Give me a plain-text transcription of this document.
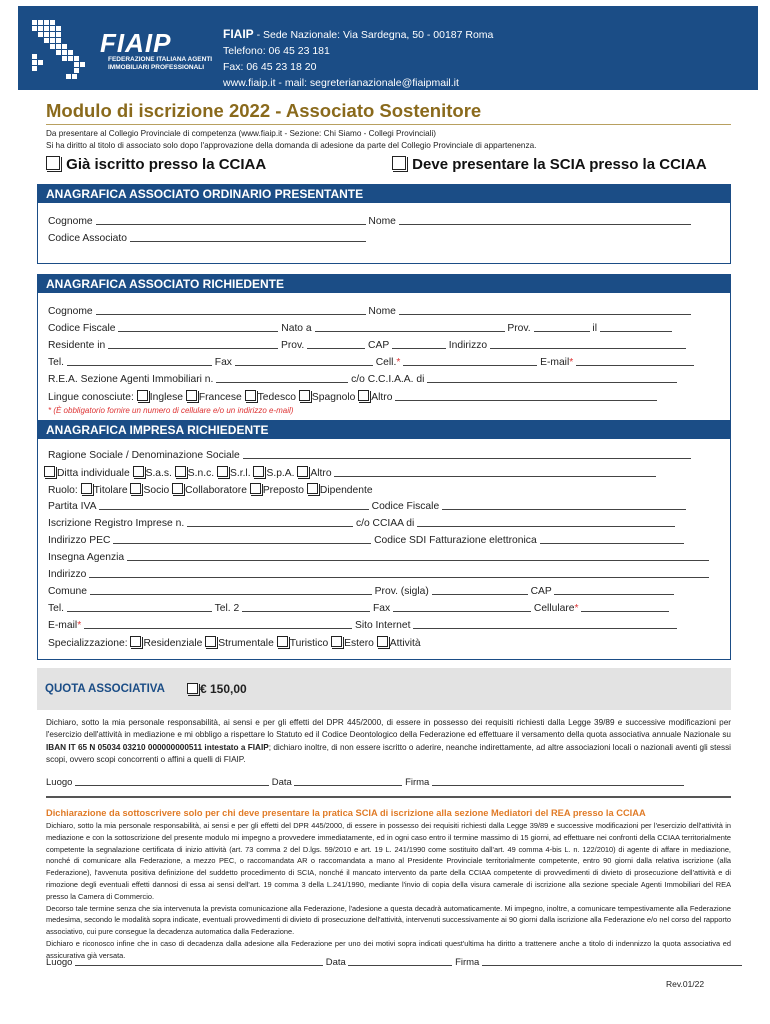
FIAIP
FEDERAZIONE ITALIANA AGENTI IMMOBILIARI PROFESSIONALI
FIAIP - Sede Nazionale: Via Sardegna, 50 - 00187 Roma
Telefono: 06 45 23 181
Fax: 06 45 23 18 20
www.fiaip.it - mail: segreterianazionale@fiaipmail.it
Modulo di iscrizione 2022 - Associato Sostenitore
Da presentare al Collegio Provinciale di competenza (www.fiaip.it - Sezione: Chi Siamo - Collegi Provinciali)
Si ha diritto al titolo di associato solo dopo l'approvazione della domanda di adesione da parte del Collegio Provinciale di appartenenza.
Già iscritto presso la CCIAA	Deve presentare la SCIA presso la CCIAA
ANAGRAFICA ASSOCIATO ORDINARIO PRESENTANTE
Cognome	Nome
Codice Associato
ANAGRAFICA ASSOCIATO RICHIEDENTE
Cognome	Nome
Codice Fiscale	Nato a	Prov.	il
Residente in	Prov.	CAP	Indirizzo
Tel.	Fax	Cell.*	E-mail*
R.E.A. Sezione Agenti Immobiliari n.	c/o C.C.I.A.A. di
Lingue conosciute: Inglese Francese Tedesco Spagnolo Altro
* (È obbligatorio fornire un numero di cellulare e/o un indirizzo e-mail)
ANAGRAFICA IMPRESA RICHIEDENTE
Ragione Sociale / Denominazione Sociale
Ditta individuale S.a.s. S.n.c. S.r.l. S.p.A. Altro
Ruolo: Titolare Socio Collaboratore Preposto Dipendente
Partita IVA	Codice Fiscale
Iscrizione Registro Imprese n.	c/o CCIAA di
Indirizzo PEC	Codice SDI Fatturazione elettronica
Insegna Agenzia
Indirizzo
Comune	Prov. (sigla)	CAP
Tel.	Tel. 2	Fax	Cellulare*
E-mail*	Sito Internet
Specializzazione: Residenziale Strumentale Turistico Estero Attività
QUOTA ASSOCIATIVA	€ 150,00
Dichiaro, sotto la mia personale responsabilità, ai sensi e per gli effetti del DPR 445/2000, di essere in possesso dei requisiti richiesti dalla Legge 39/89 e successive modificazioni per l'esercizio dell'attività in mediazione e mi obbligo a rispettare lo Statuto ed il Codice Deontologico della Federazione ed effettuare il versamento della quota associativa annuale Nazionale su IBAN IT 65 N 05034 03210 000000000511 intestato a FIAIP; dichiaro inoltre, di non essere iscritto o aderire, neanche indirettamente, ad altre associazioni locali o nazionali aventi gli stessi scopi, ovvero scopi concorrenti o affini a quelli di FIAIP.
Luogo	Data	Firma
Dichiarazione da sottoscrivere solo per chi deve presentare la pratica SCIA di iscrizione alla sezione Mediatori del REA presso la CCIAA
Dichiaro, sotto la mia personale responsabilità, ai sensi e per gli effetti del DPR 445/2000, di essere in possesso dei requisiti richiesti dalla Legge 39/89 e successive modificazioni per l'esercizio dell'attività in mediazione e con la sottoscrizione del presente modulo mi impegno a provvedere immediatamente, ed in ogni caso entro il termine massimo di 15 giorni, ad effettuare nei confronti della CCIAA territorialmente competente la segnalazione certificata di inizio attività (art. 73 comma 2 del D.lgs. 59/2010 e art. 19 L. 241/1990 come sostituito dall'art. 49 comma 4-bis L. n. 122/2010) di agente di affare in mediazione, nonché di comunicare alla Federazione, a mezzo PEC, o raccomandata AR o raccomandata a mano al Presidente Provinciale territorialmente competente, entro 90 giorni dalla relativa iscrizione (alla Federazione), l'avvenuta positiva definizione del suddetto procedimento di SCIA, nonché il mancato intervento da parte della CCIAA competente di provvedimenti di divieto di prosecuzione dell'attività e di rimozione degli eventuali effetti dannosi di essa ai sensi dell'art. 19 comma 3 della L.241/1990, mediante l'invio di copia della visura camerale di iscrizione alla sezione speciale Agenti Immobiliari del REA presso la Camera di Commercio.
Decorso tale termine senza che sia intervenuta la prevista comunicazione alla Federazione, l'adesione a questa decadrà automaticamente. Mi impegno, inoltre, a comunicare tempestivamente alla Federazione medesima, secondo le modalità sopra indicate, eventuali provvedimenti di divieto di prosecuzione dell'attività, intervenuti successivamente ai 90 giorni dalla iscrizione alla Federazione e/o nel corso del rapporto associativo, cui pure consegue la decadenza automatica dalla Federazione.
Dichiaro e riconosco infine che in caso di decadenza dalla adesione alla Federazione per uno dei motivi sopra indicati quest'ultima ha diritto a trattenere anche a titolo di indennizzo la quota associativa ed assicurativa già versata.
Luogo	Data	Firma
Rev.01/22
